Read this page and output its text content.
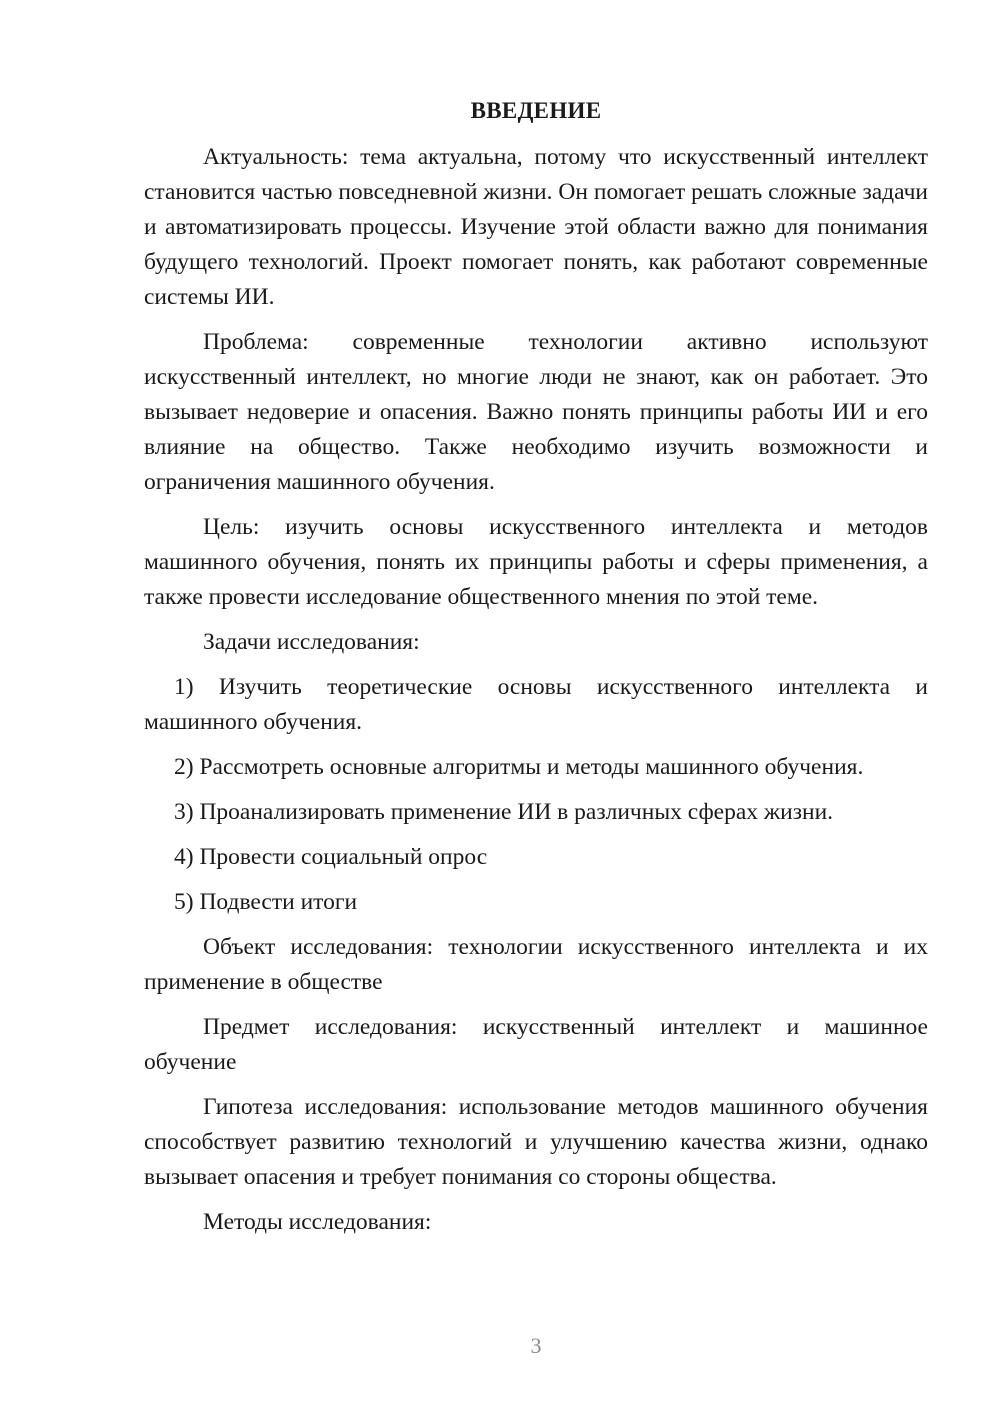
ВВЕДЕНИЕ

Актуальность: тема актуальна, потому что искусственный интеллект становится частью повседневной жизни. Он помогает решать сложные задачи и автоматизировать процессы. Изучение этой области важно для понимания будущего технологий. Проект помогает понять, как работают современные системы ИИ.

Проблема: современные технологии активно используют искусственный интеллект, но многие люди не знают, как он работает. Это вызывает недоверие и опасения. Важно понять принципы работы ИИ и его влияние на общество. Также необходимо изучить возможности и ограничения машинного обучения.

Цель: изучить основы искусственного интеллекта и методов машинного обучения, понять их принципы работы и сферы применения, а также провести исследование общественного мнения по этой теме.

Задачи исследования:

1) Изучить теоретические основы искусственного интеллекта и машинного обучения.

2) Рассмотреть основные алгоритмы и методы машинного обучения.

3) Проанализировать применение ИИ в различных сферах жизни.

4) Провести социальный опрос

5) Подвести итоги

Объект исследования: технологии искусственного интеллекта и их применение в обществе

Предмет исследования: искусственный интеллект и машинное обучение

Гипотеза исследования: использование методов машинного обучения способствует развитию технологий и улучшению качества жизни, однако вызывает опасения и требует понимания со стороны общества.

Методы исследования:

3
